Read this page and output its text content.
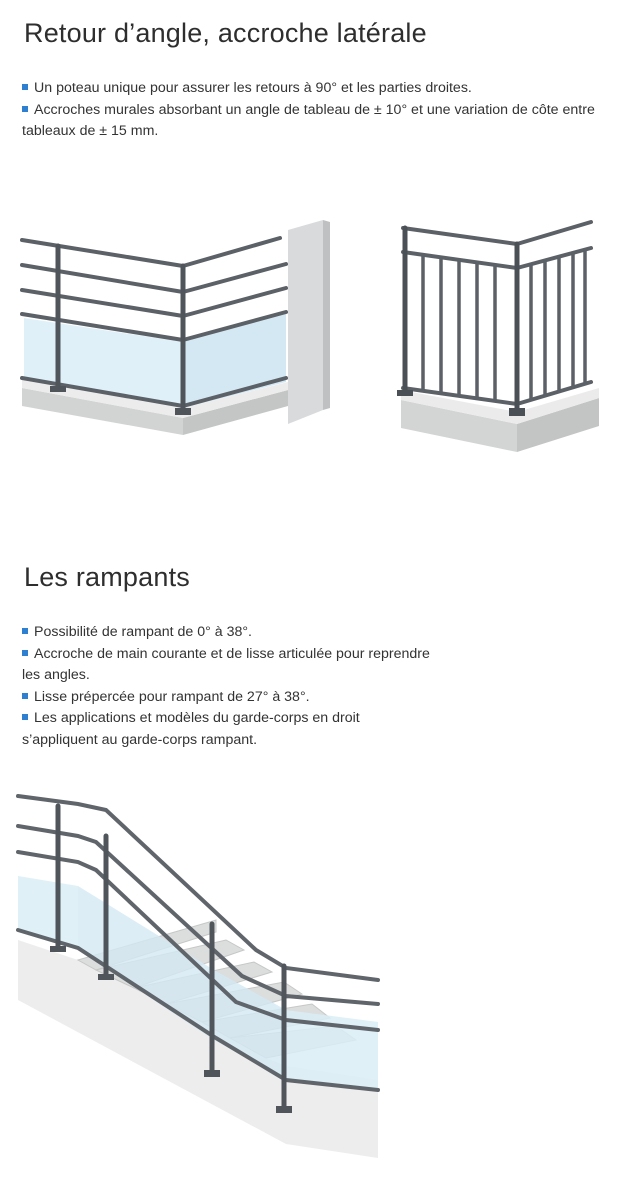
Retour d’angle, accroche latérale
Un poteau unique pour assurer les retours à 90° et les parties droites.
Accroches murales absorbant un angle de tableau de ± 10° et une variation de côte entre tableaux de ± 15 mm.
Les rampants
Possibilité de rampant de 0° à 38°.
Accroche de main courante et de lisse articulée pour reprendre les angles.
Lisse prépercée pour rampant de 27° à 38°.
Les applications et modèles du garde-corps en droit s’appliquent au garde-corps rampant.
